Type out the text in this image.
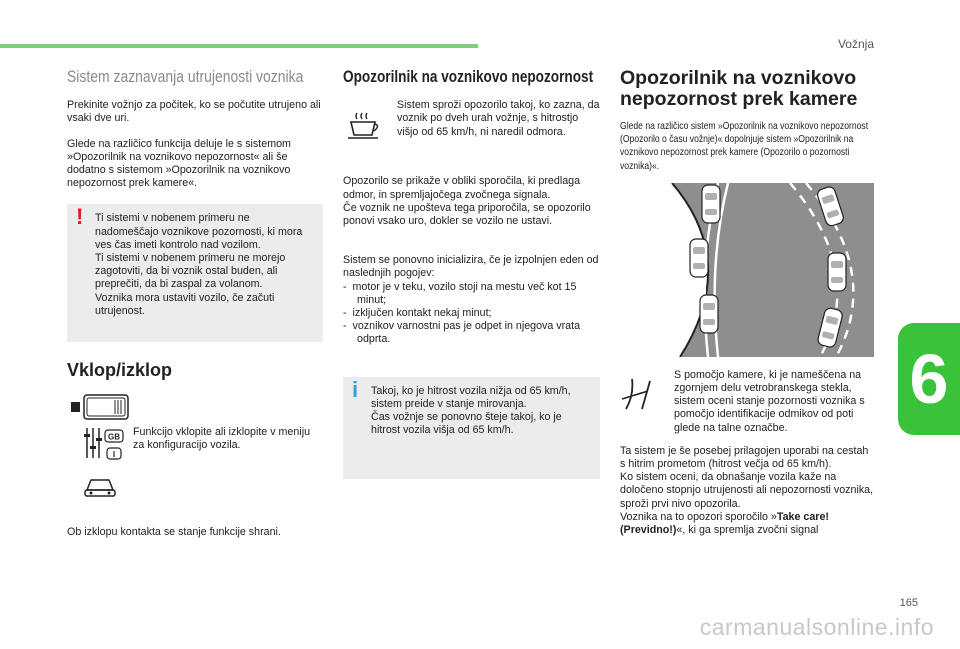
Vožnja
6
Sistem zaznavanja utrujenosti voznika

Prekinite vožnjo za počitek, ko se počutite utrujeno ali vsaki dve uri.

Glede na različico funkcija deluje le s sistemom »Opozorilnik na voznikovo nepozornost« ali še dodatno s sistemom »Opozorilnik na voznikovo nepozornost prek kamere«.

! Ti sistemi v nobenem primeru ne nadomeščajo voznikove pozornosti, ki mora ves čas imeti kontrolo nad vozilom.
Ti sistemi v nobenem primeru ne morejo zagotoviti, da bi voznik ostal buden, ali preprečiti, da bi zaspal za volanom.
Voznika mora ustaviti vozilo, če začuti utrujenost.
Vklop/izklop
GB
I
Funkcijo vklopite ali izklopite v meniju za konfiguracijo vozila.

Ob izklopu kontakta se stanje funkcije shrani.

Opozorilnik na voznikovo nepozornost
Sistem sproži opozorilo takoj, ko zazna, da voznik po dveh urah vožnje, s hitrostjo višjo od 65 km/h, ni naredil odmora.

Opozorilo se prikaže v obliki sporočila, ki predlaga odmor, in spremljajočega zvočnega signala.

Če voznik ne upošteva tega priporočila, se opozorilo ponovi vsako uro, dokler se vozilo ne ustavi.

Sistem se ponovno inicializira, če je izpolnjen eden od naslednjih pogojev:

-  motor je v teku, vozilo stoji na mestu več kot 15 minut;
-  izključen kontakt nekaj minut;
-  voznikov varnostni pas je odpet in njegova vrata odprta.
i Takoj, ko je hitrost vozila nižja od 65 km/h, sistem preide v stanje mirovanja.
Čas vožnje se ponovno šteje takoj, ko je hitrost vozila višja od 65 km/h.
Opozorilnik na voznikovo
nepozornost prek kamere
Glede na različico sistem »Opozorilnik na voznikovo nepozornost (Opozorilo o času vožnje)« dopolnjuje sistem »Opozorilnik na voznikovo nepozornost prek kamere (Opozorilo o pozornosti voznika)«.
S pomočjo kamere, ki je nameščena na zgornjem delu vetrobranskega stekla, sistem oceni stanje pozornosti voznika s pomočjo identifikacije odmikov od poti glede na talne označbe.

Ta sistem je še posebej prilagojen uporabi na cestah s hitrim prometom (hitrost večja od 65 km/h).

Ko sistem oceni, da obnašanje vozila kaže na določeno stopnjo utrujenosti ali nepozornosti voznika, sproži prvi nivo opozorila.

Voznika na to opozori sporočilo »Take care! (Previdno!)«, ki ga spremlja zvočni signal

carmanualsonline.info
165
